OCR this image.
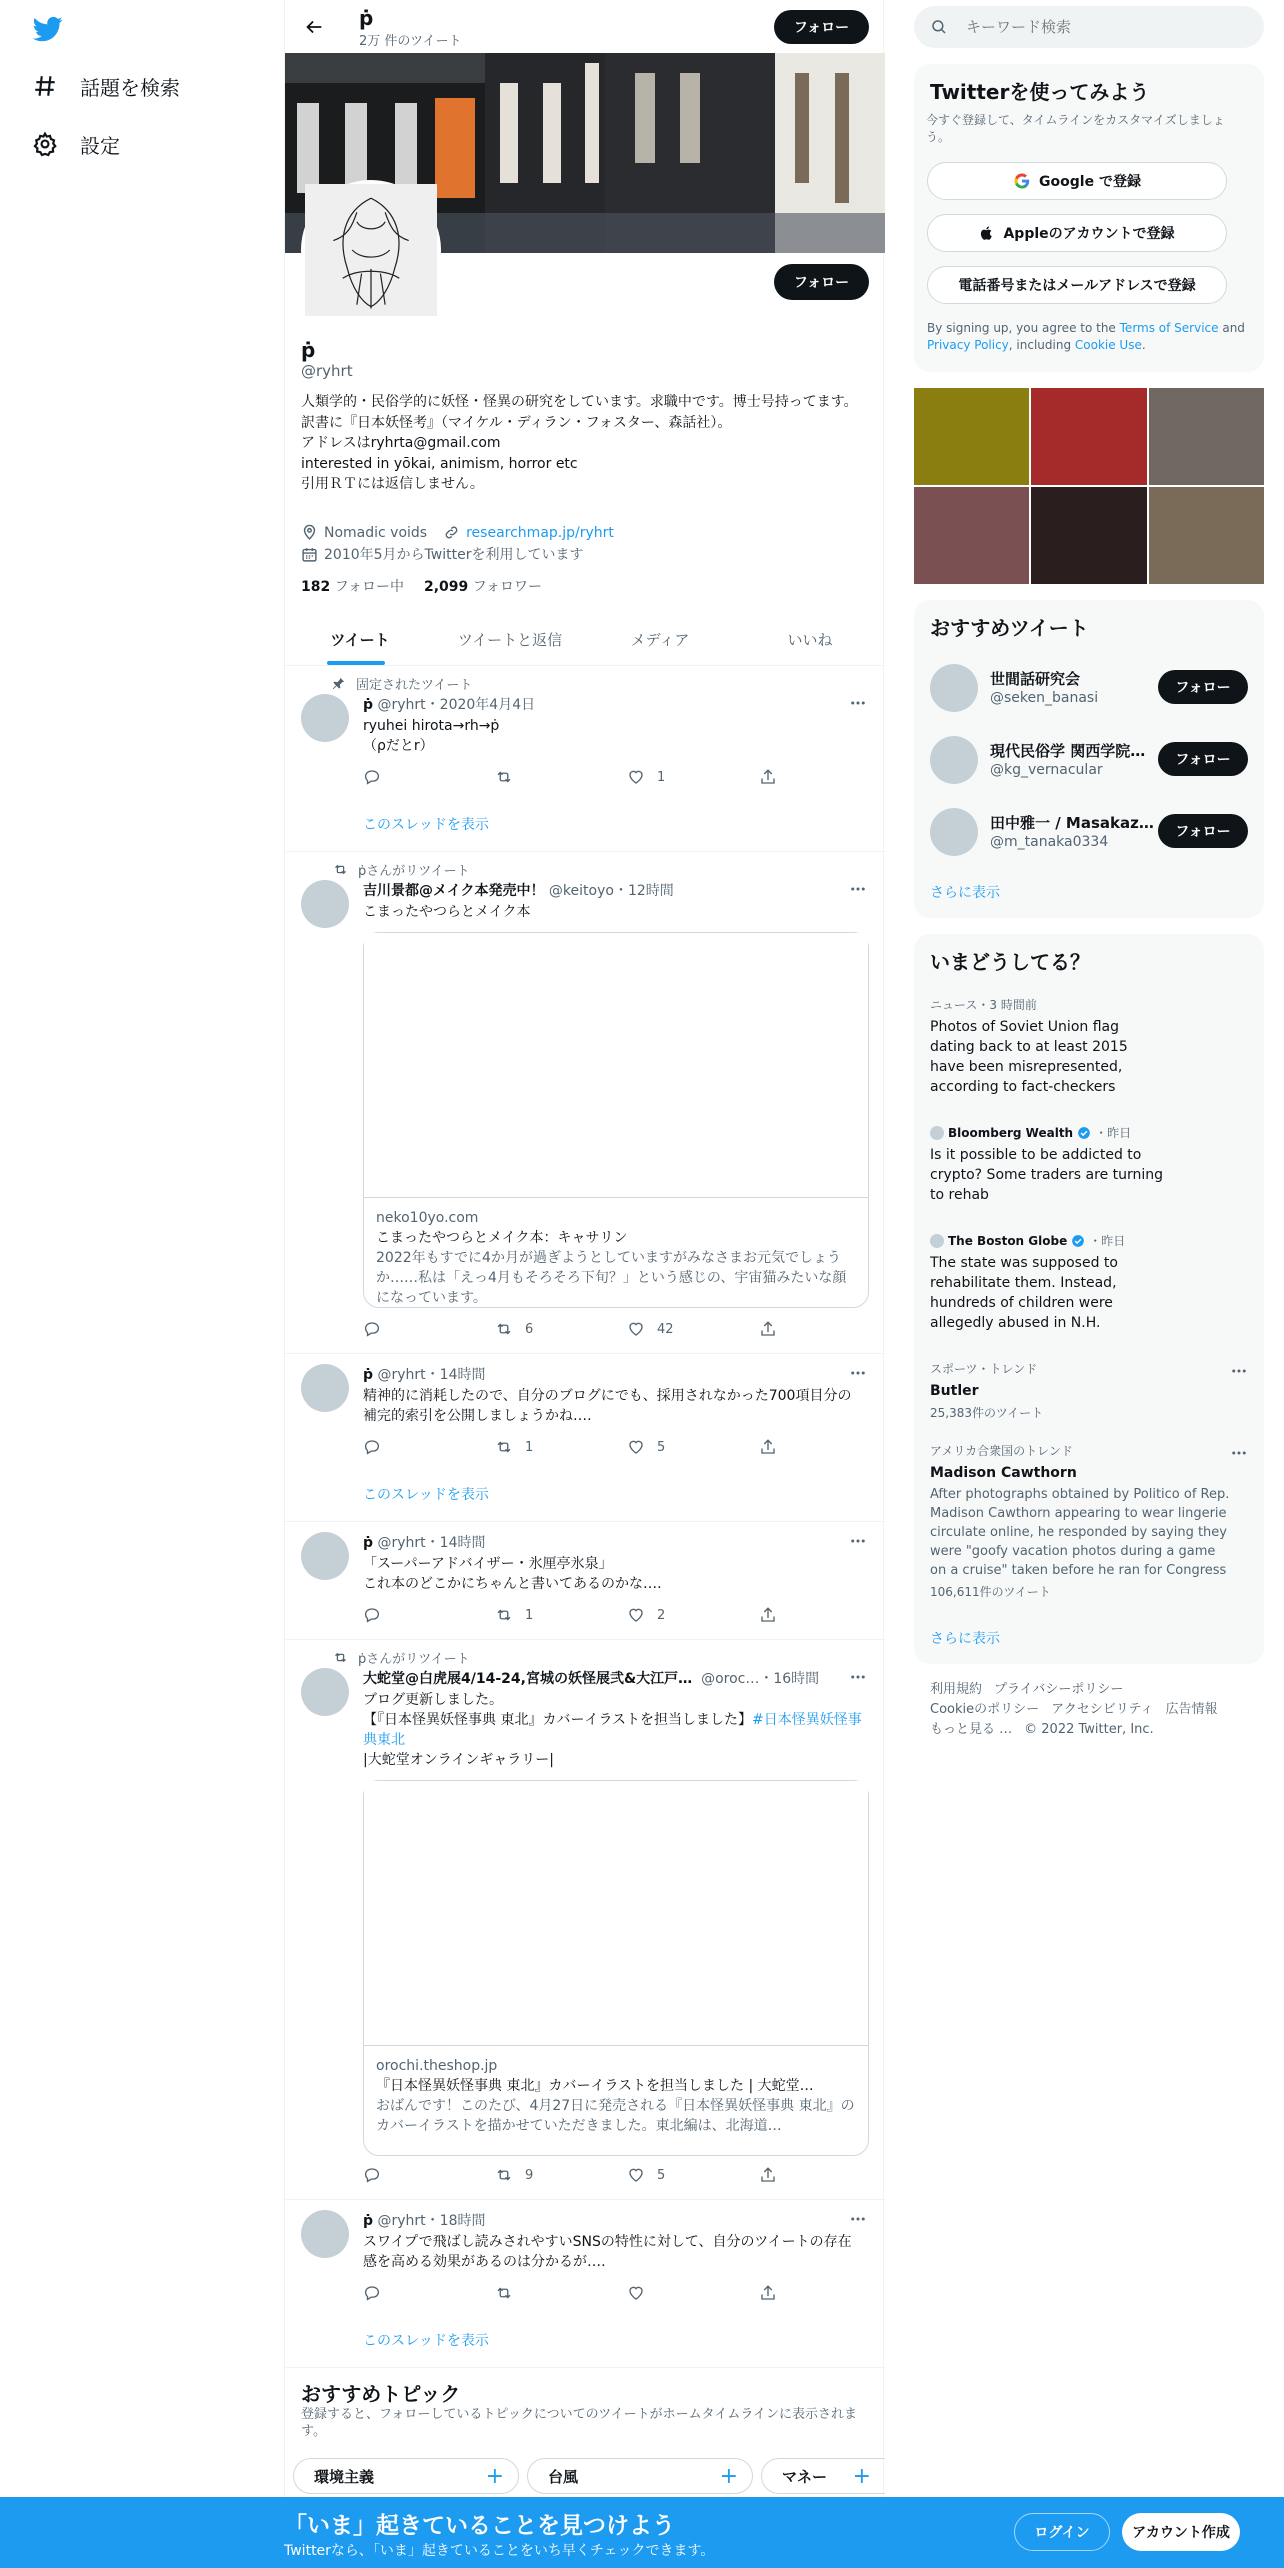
話題を検索
設定
ṗ
2万 件のツイート
フォロー
フォロー
ṗ
@ryhrt
人類学的・民俗学的に妖怪・怪異の研究をしています。求職中です。博士号持ってます。
訳書に『日本妖怪考』（マイケル・ディラン・フォスター、森話社）。
アドレスはryhrta@gmail.com
interested in yōkai, animism, horror etc
引用ＲＴには返信しません。
Nomadic voids	researchmap.jp/ryhrt
2010年5月からTwitterを利用しています
182 フォロー中 2,099 フォロワー
ツイート	ツイートと返信	メディア	いいね
固定されたツイート
ṗ @ryhrt・2020年4月4日
ryuhei hirota→rh→ṗ
（ρだとr）
1
このスレッドを表示
ṗさんがリツイート
吉川景都@メイク本発売中！ @keitoyo・12時間
こまったやつらとメイク本
neko10yo.com
こまったやつらとメイク本：キャサリン
2022年もすでに4か月が過ぎようとしていますがみなさまお元気でしょうか……私は「えっ4月もそろそろ下旬？」という感じの、宇宙猫みたいな顔になっています。
6	42
ṗ @ryhrt・14時間
精神的に消耗したので、自分のブログにでも、採用されなかった700項目分の補完的索引を公開しましょうかね‥‥
1	5
このスレッドを表示
ṗ @ryhrt・14時間
「スーパーアドバイザー・氷厘亭氷泉」
これ本のどこかにちゃんと書いてあるのかな‥‥
1	2
ṗさんがリツイート
大蛇堂@白虎展4/14-24,宮城の妖怪展弐&大江戸… @oroc…・16時間
ブログ更新しました。
【『日本怪異妖怪事典 東北』カバーイラストを担当しました】#日本怪異妖怪事典東北
|大蛇堂オンラインギャラリー|
orochi.theshop.jp
『日本怪異妖怪事典 東北』カバーイラストを担当しました | 大蛇堂…
おばんです！このたび、4月27日に発売される『日本怪異妖怪事典 東北』のカバーイラストを描かせていただきました。東北編は、北海道…
9	5
ṗ @ryhrt・18時間
スワイプで飛ばし読みされやすいSNSの特性に対して、自分のツイートの存在感を高める効果があるのは分かるが‥‥
このスレッドを表示
おすすめトピック
登録すると、フォローしているトピックについてのツイートがホームタイムラインに表示されます。
環境主義	+	台風	+	マネー +
キーワード検索
Twitterを使ってみよう
今すぐ登録して、タイムラインをカスタマイズしましょう。
Google で登録
Appleのアカウントで登録
電話番号またはメールアドレスで登録
By signing up, you agree to the Terms of Service and Privacy Policy, including Cookie Use.
おすすめツイート
世間話研究会
@seken_banasi
フォロー
現代民俗学 関西学院…
@kg_vernacular
フォロー
田中雅一 / Masakaz…
@m_tanaka0334
フォロー
さらに表示
いまどうしてる？
ニュース・3 時間前
Photos of Soviet Union flag dating back to at least 2015 have been misrepresented, according to fact-checkers
Bloomberg Wealth ・昨日
Is it possible to be addicted to crypto? Some traders are turning to rehab
The Boston Globe ・昨日
The state was supposed to rehabilitate them. Instead, hundreds of children were allegedly abused in N.H.
スポーツ・トレンド
Butler
25,383件のツイート
アメリカ合衆国のトレンド
Madison Cawthorn
After photographs obtained by Politico of Rep. Madison Cawthorn appearing to wear lingerie circulate online, he responded by saying they were "goofy vacation photos during a game on a cruise" taken before he ran for Congress
106,611件のツイート
さらに表示
利用規約 プライバシーポリシー
Cookieのポリシー アクセシビリティ 広告情報
もっと見る … © 2022 Twitter, Inc.
「いま」起きていることを見つけよう
Twitterなら、「いま」起きていることをいち早くチェックできます。
ログイン	アカウント作成
